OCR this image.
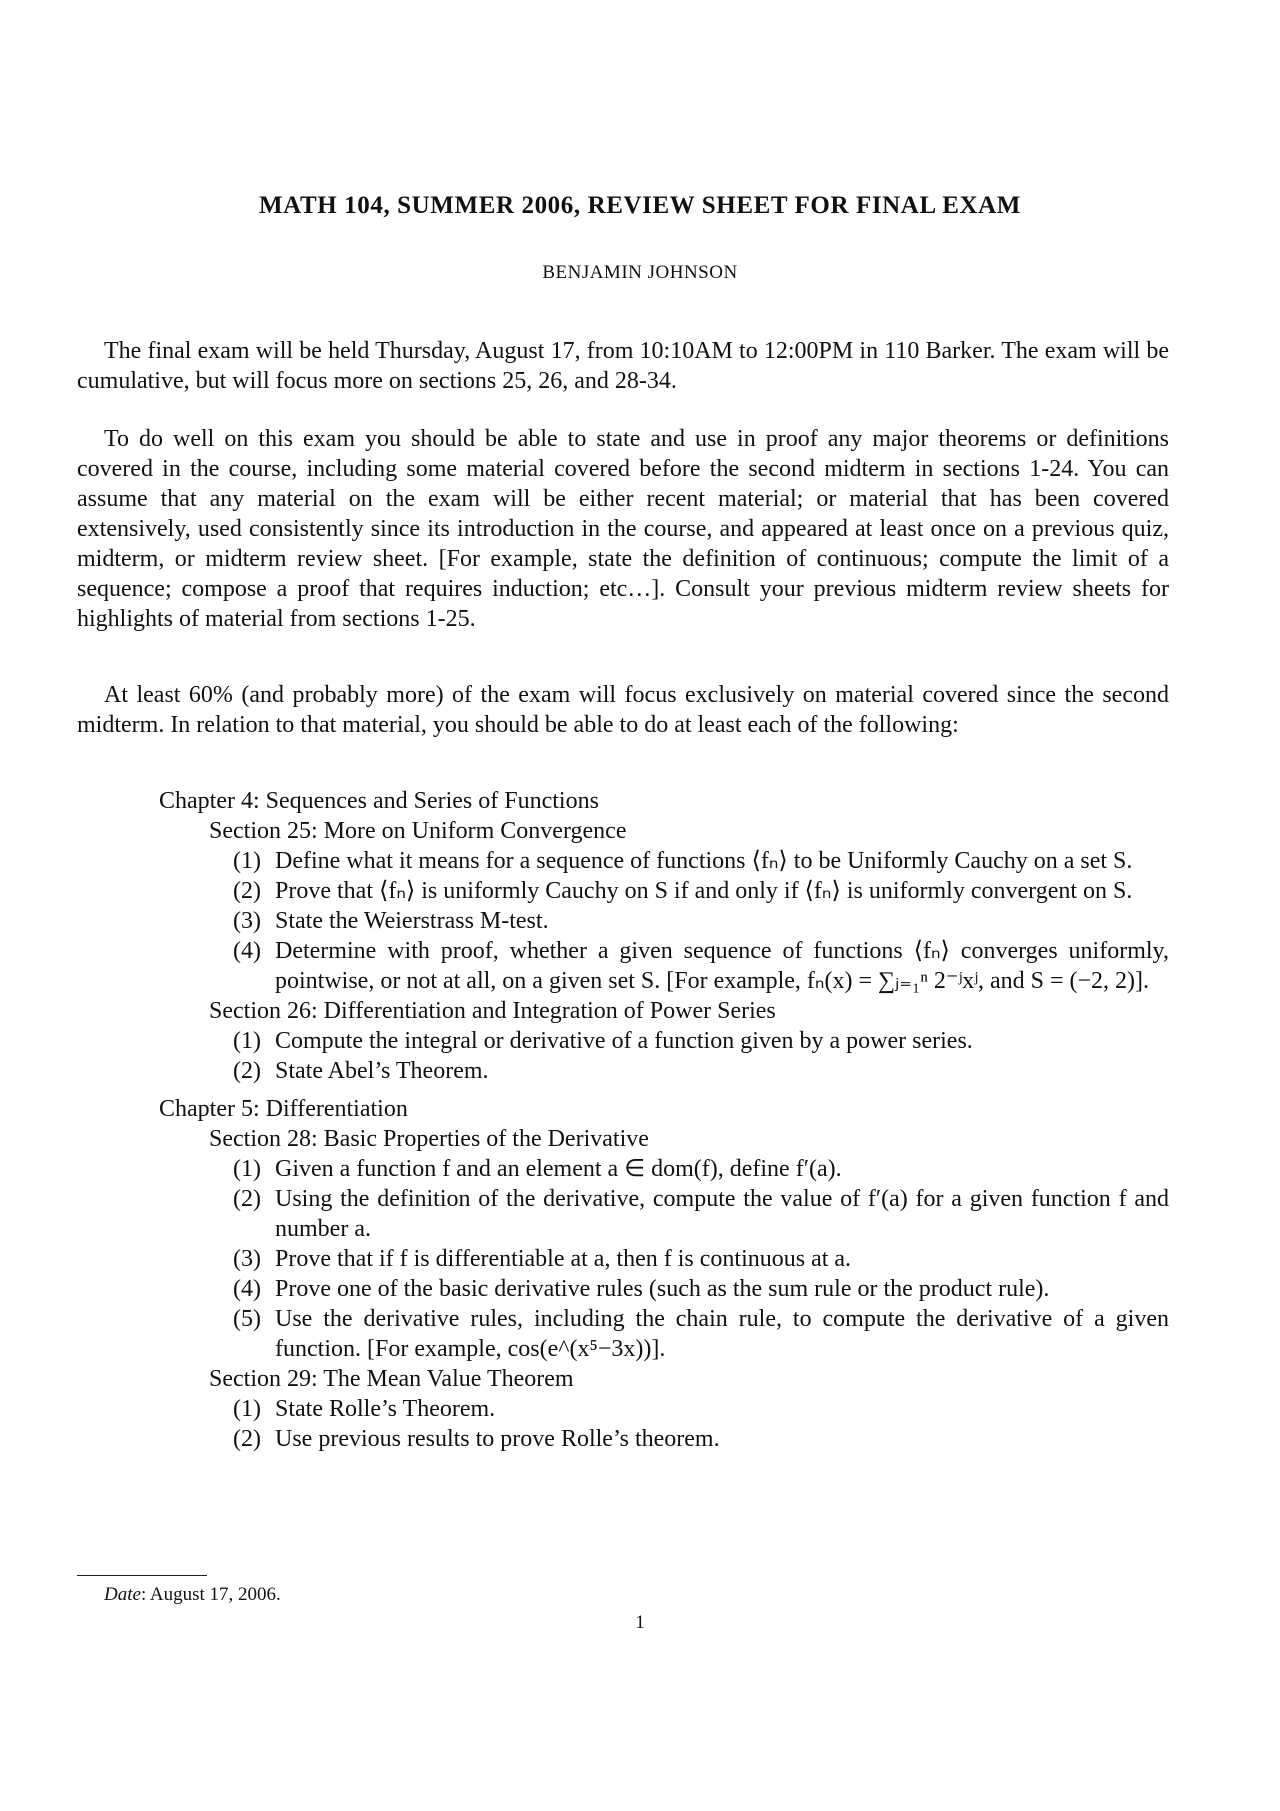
MATH 104, SUMMER 2006, REVIEW SHEET FOR FINAL EXAM
BENJAMIN JOHNSON

The final exam will be held Thursday, August 17, from 10:10AM to 12:00PM in 110 Barker. The exam will be cumulative, but will focus more on sections 25, 26, and 28-34.

To do well on this exam you should be able to state and use in proof any major theorems or definitions covered in the course, including some material covered before the second midterm in sections 1-24. You can assume that any material on the exam will be either recent material; or material that has been covered extensively, used consistently since its introduction in the course, and appeared at least once on a previous quiz, midterm, or midterm review sheet. [For example, state the definition of continuous; compute the limit of a sequence; compose a proof that requires induction; etc…]. Consult your previous midterm review sheets for highlights of material from sections 1-25.

At least 60% (and probably more) of the exam will focus exclusively on material covered since the second midterm. In relation to that material, you should be able to do at least each of the following:

Chapter 4: Sequences and Series of Functions
Section 25: More on Uniform Convergence
(1) Define what it means for a sequence of functions ⟨fₙ⟩ to be Uniformly Cauchy on a set S.
(2) Prove that ⟨fₙ⟩ is uniformly Cauchy on S if and only if ⟨fₙ⟩ is uniformly convergent on S.
(3) State the Weierstrass M-test.
(4) Determine with proof, whether a given sequence of functions ⟨fₙ⟩ converges uniformly, pointwise, or not at all, on a given set S. [For example, fₙ(x) = ∑ⱼ₌₁ⁿ 2⁻ʲxʲ, and S = (−2, 2)].
Section 26: Differentiation and Integration of Power Series
(1) Compute the integral or derivative of a function given by a power series.
(2) State Abel’s Theorem.
Chapter 5: Differentiation
Section 28: Basic Properties of the Derivative
(1) Given a function f and an element a ∈ dom(f), define f′(a).
(2) Using the definition of the derivative, compute the value of f′(a) for a given function f and number a.
(3) Prove that if f is differentiable at a, then f is continuous at a.
(4) Prove one of the basic derivative rules (such as the sum rule or the product rule).
(5) Use the derivative rules, including the chain rule, to compute the derivative of a given function. [For example, cos(e^(x⁵−3x))].
Section 29: The Mean Value Theorem
(1) State Rolle’s Theorem.
(2) Use previous results to prove Rolle’s theorem.
Date: August 17, 2006.
1
